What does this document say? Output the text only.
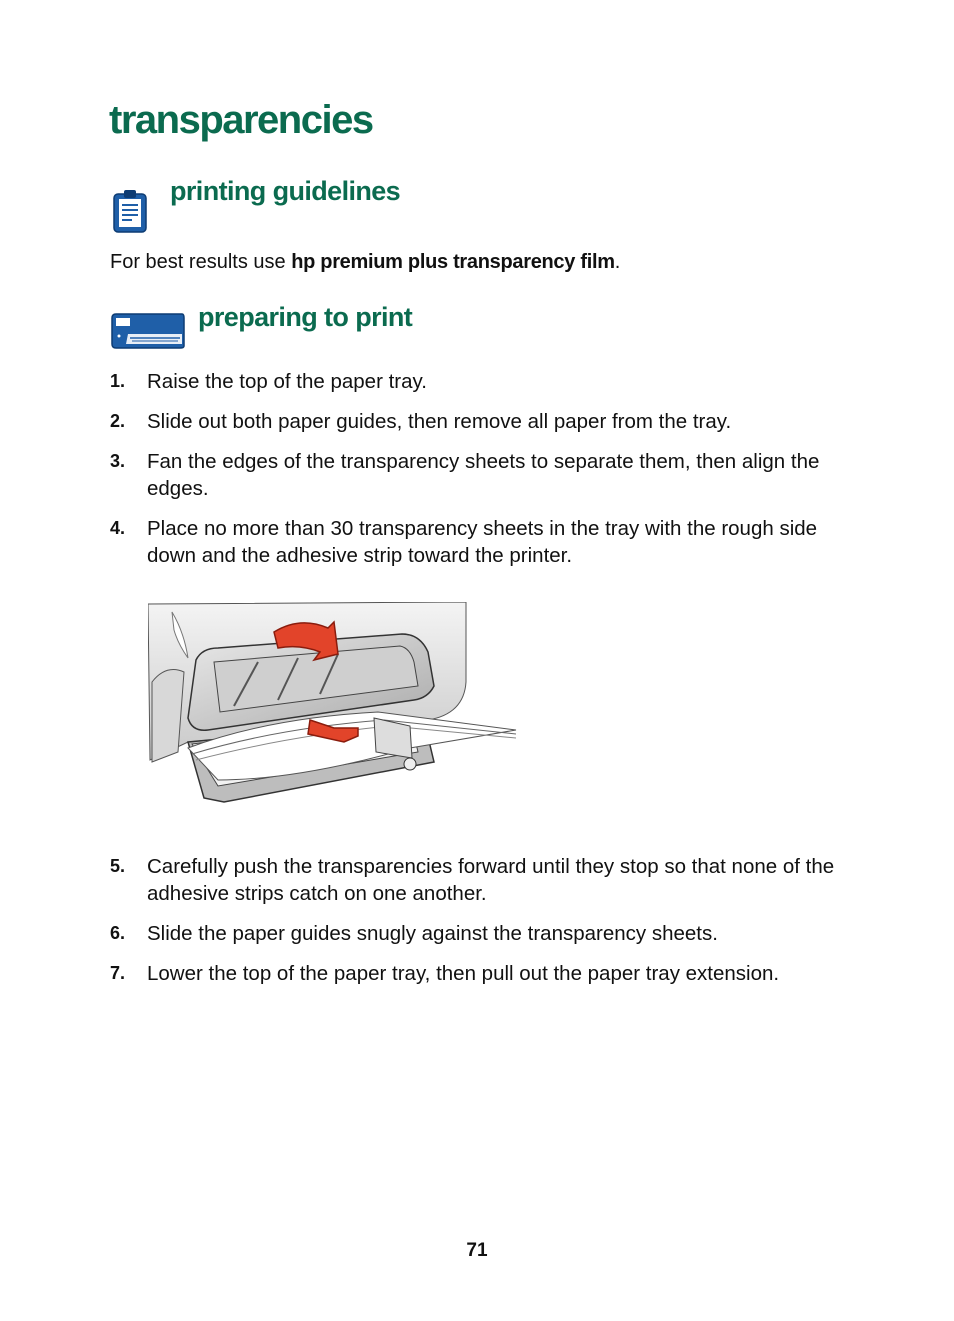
transparencies
printing guidelines

For best results use hp premium plus transparency film.

preparing to print
1.	Raise the top of the paper tray.
2.	Slide out both paper guides, then remove all paper from the tray.
3.	Fan the edges of the transparency sheets to separate them, then align the edges.
4.	Place no more than 30 transparency sheets in the tray with the rough side down and the adhesive strip toward the printer.
5.	Carefully push the transparencies forward until they stop so that none of the adhesive strips catch on one another.
6.	Slide the paper guides snugly against the transparency sheets.
7.	Lower the top of the paper tray, then pull out the paper tray extension.

71
